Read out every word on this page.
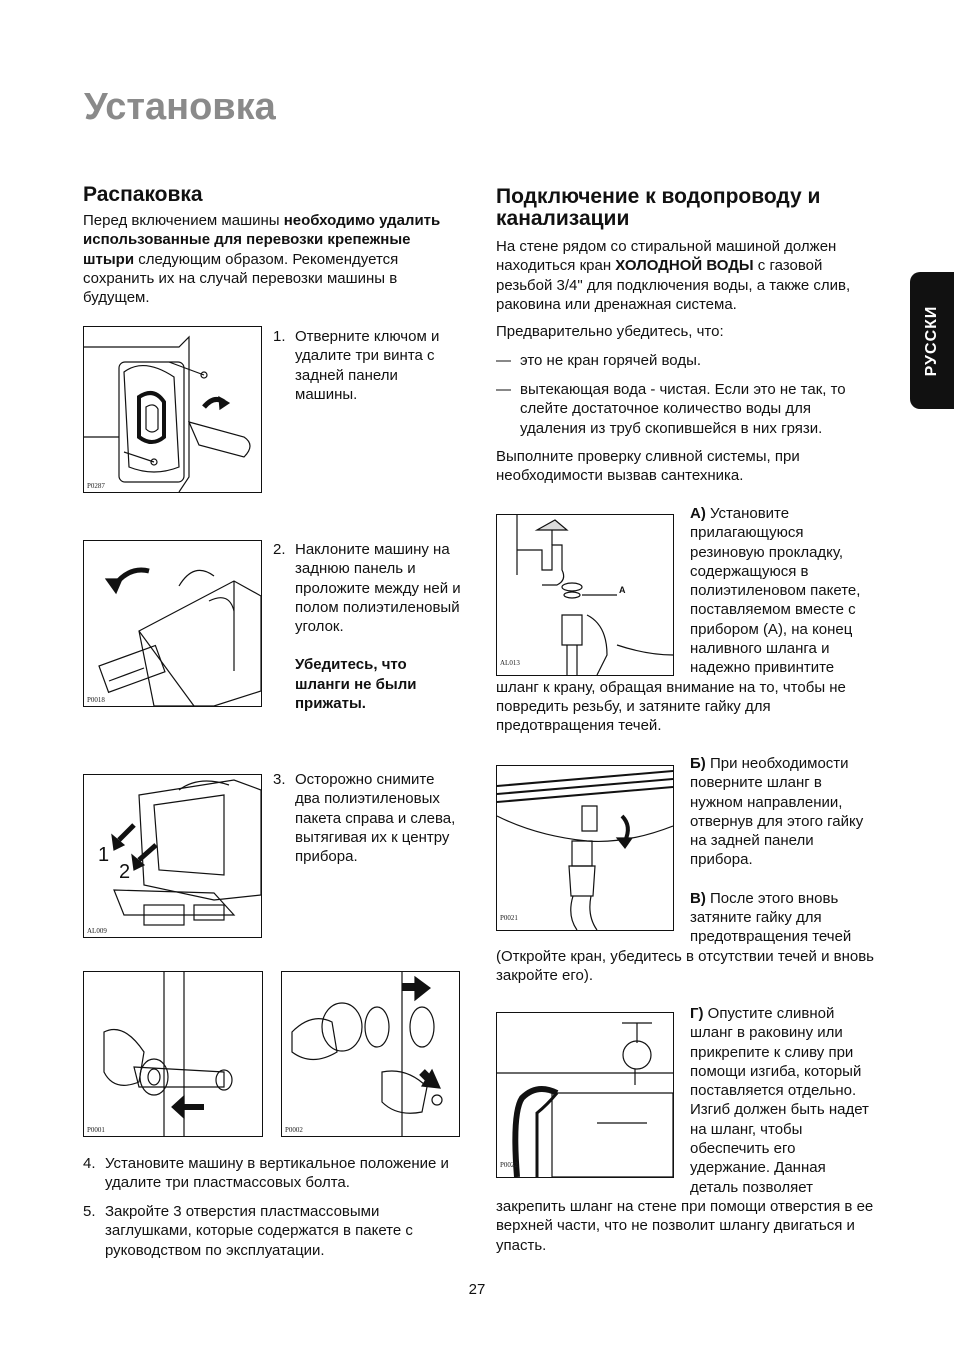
Установка
РУССКИ
Распаковка
Перед включением машины необходимо удалить использованные для перевозки крепежные штыри следующим образом. Рекомендуется сохранить их на случай перевозки машины в будущем.
P0287
1. Отверните ключом и удалите три винта с задней панели машины.
P0018
2. Наклоните машину на заднюю панель и проложите между ней и полом полиэтиленовый уголок.
Убедитесь, что шланги не были прижаты.
1
2
AL009
3. Осторожно снимите два полиэтиленовых пакета справа и слева, вытягивая их к центру прибора.
P0001	P0002
4. Установите машину в вертикальное положение и удалите три пластмассовых болта.
5. Закройте 3 отверстия пластмассовыми заглушками, которые содержатся в пакете с руководством по эксплуатации.
Подключение к водопроводу и канализации
На стене рядом со стиральной машиной должен находиться кран ХОЛОДНОЙ ВОДЫ с газовой резьбой 3/4" для подключения воды, а также слив, раковина или дренажная система.
Предварительно убедитесь, что:
— это не кран горячей воды.
— вытекающая вода - чистая. Если это не так, то слейте достаточное количество воды для удаления из труб скопившейся в них грязи.
Выполните проверку сливной системы, при необходимости вызвав сантехника.
A
AL013
А) Установите прилагающуюся резиновую прокладку, содержащуюся в полиэтиленовом пакете, поставляемом вместе с прибором (А), на конец наливного шланга и надежно привинтите шланг к крану, обращая внимание на то, чтобы не повредить резьбу, и затяните гайку для предотвращения течей.
P0021
Б) При необходимости поверните шланг в нужном направлении, отвернув для этого гайку на задней панели прибора.
В) После этого вновь затяните гайку для предотвращения течей (Откройте кран, убедитесь в отсутствии течей и вновь закройте его).
P0022
Г) Опустите сливной шланг в раковину или прикрепите к сливу при помощи изгиба, который поставляется отдельно. Изгиб должен быть надет на шланг, чтобы обеспечить его удержание. Данная деталь позволяет закрепить шланг на стене при помощи отверстия в ее верхней части, что не позволит шлангу двигаться и упасть.
27
